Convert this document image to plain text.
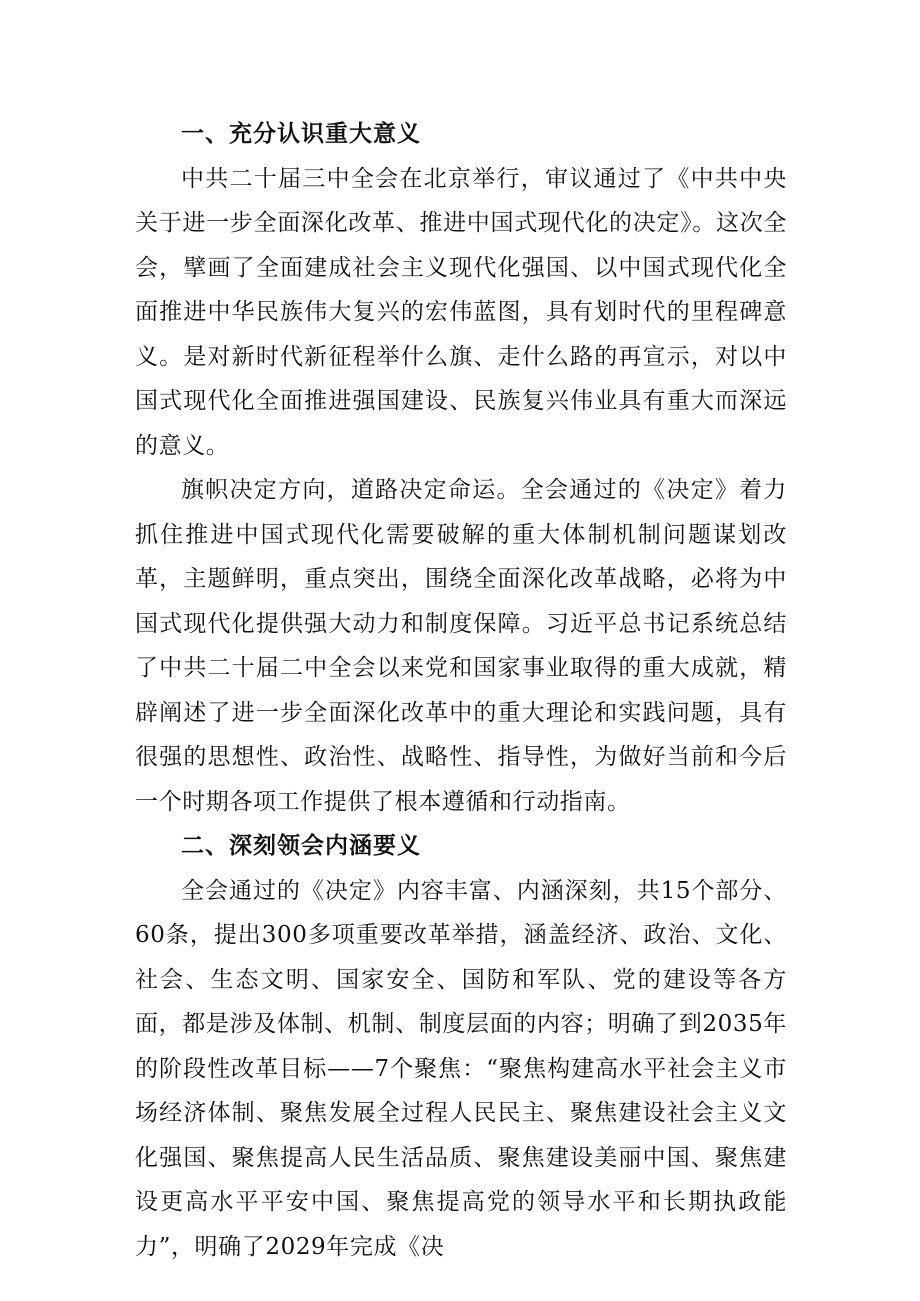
一、充分认识重大意义

中共二十届三中全会在北京举行，审议通过了《中共中央关于进一步全面深化改革、推进中国式现代化的决定》。这次全会，擘画了全面建成社会主义现代化强国、以中国式现代化全面推进中华民族伟大复兴的宏伟蓝图，具有划时代的里程碑意义。是对新时代新征程举什么旗、走什么路的再宣示，对以中国式现代化全面推进强国建设、民族复兴伟业具有重大而深远的意义。

旗帜决定方向，道路决定命运。全会通过的《决定》着力抓住推进中国式现代化需要破解的重大体制机制问题谋划改革，主题鲜明，重点突出，围绕全面深化改革战略，必将为中国式现代化提供强大动力和制度保障。习近平总书记系统总结了中共二十届二中全会以来党和国家事业取得的重大成就，精辟阐述了进一步全面深化改革中的重大理论和实践问题，具有很强的思想性、政治性、战略性、指导性，为做好当前和今后一个时期各项工作提供了根本遵循和行动指南。

二、深刻领会内涵要义

全会通过的《决定》内容丰富、内涵深刻，共15个部分、60条，提出300多项重要改革举措，涵盖经济、政治、文化、社会、生态文明、国家安全、国防和军队、党的建设等各方面，都是涉及体制、机制、制度层面的内容；明确了到2035年的阶段性改革目标——7个聚焦：“聚焦构建高水平社会主义市场经济体制、聚焦发展全过程人民民主、聚焦建设社会主义文化强国、聚焦提高人民生活品质、聚焦建设美丽中国、聚焦建设更高水平平安中国、聚焦提高党的领导水平和长期执政能力”，明确了2029年完成《决
